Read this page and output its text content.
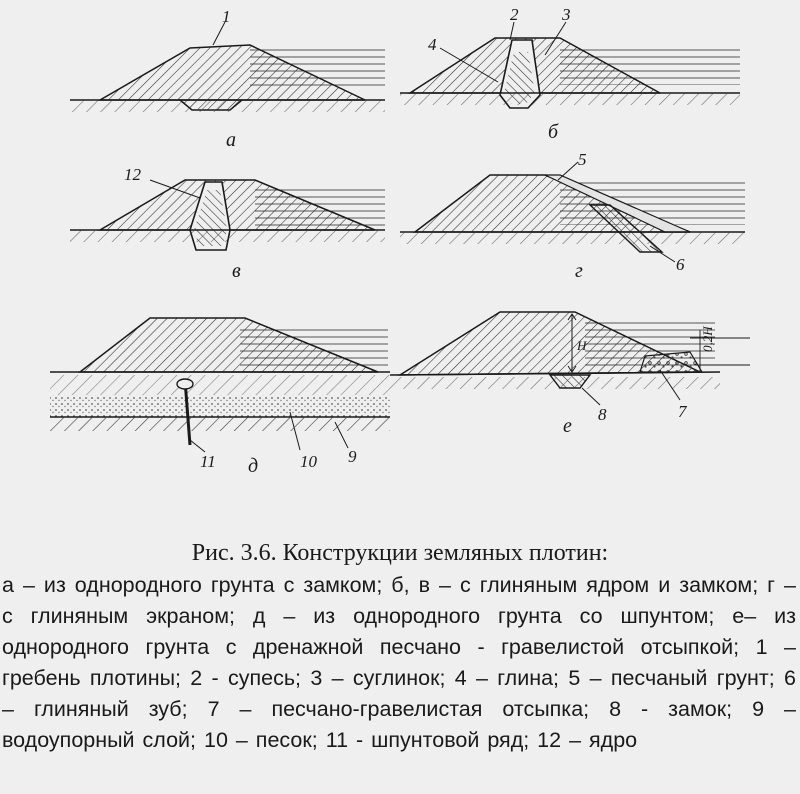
1
а
2	3
4
б
12
в
5
6
г
11	10 9
д
H	0,2H
8	7
е

Рис. 3.6. Конструкции земляных плотин:

а – из однородного грунта с замком; б, в – с глиняным ядром и замком; г – с глиняным экраном; д – из однородного грунта со шпунтом; е– из однородного грунта с дренажной песчано - гравелистой отсыпкой; 1 – гребень плотины; 2 - супесь; 3 – суглинок; 4 – глина; 5 – песчаный грунт; 6 – глиняный зуб; 7 – песчано-гравелистая отсыпка; 8 - замок; 9 – водоупорный слой; 10 – песок; 11 - шпунтовой ряд; 12 – ядро
